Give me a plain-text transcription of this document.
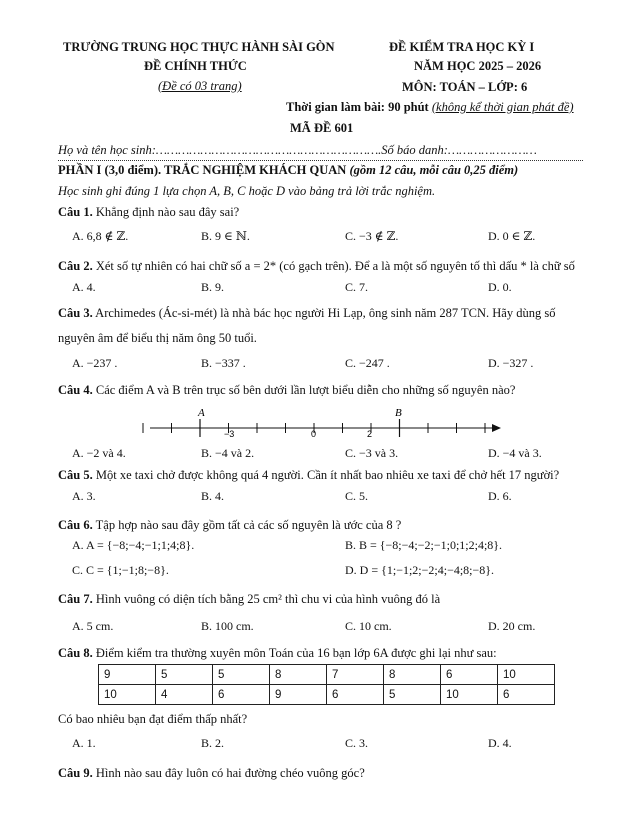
TRƯỜNG TRUNG HỌC THỰC HÀNH SÀI GÒN
ĐỀ CHÍNH THỨC
(Đề có 03 trang)
ĐỀ KIỂM TRA HỌC KỲ I
NĂM HỌC 2025 – 2026
MÔN: TOÁN – LỚP: 6
Thời gian làm bài: 90 phút (không kể thời gian phát đề)
MÃ ĐỀ 601
Họ và tên học sinh:…………………………………………………….Số báo danh:……………………
PHẦN I (3,0 điểm). TRẮC NGHIỆM KHÁCH QUAN (gồm 12 câu, mỗi câu 0,25 điểm)
Học sinh ghi đúng 1 lựa chọn A, B, C hoặc D vào bảng trả lời trắc nghiệm.
Câu 1. Khẳng định nào sau đây sai?
A. 6,8 ∉ ℤ.	B. 9 ∈ ℕ.	C. −3 ∉ ℤ.	D. 0 ∈ ℤ.
Câu 2. Xét số tự nhiên có hai chữ số a = 2* (có gạch trên). Để a là một số nguyên tố thì dấu * là chữ số
A. 4.	B. 9.	C. 7.	D. 0.
Câu 3. Archimedes (Ác-si-mét) là nhà bác học người Hi Lạp, ông sinh năm 287 TCN. Hãy dùng số
nguyên âm để biểu thị năm ông 50 tuổi.
A. −237 .	B. −337 .	C. −247 .	D. −327 .
Câu 4. Các điểm A và B trên trục số bên dưới lần lượt biểu diễn cho những số nguyên nào?
A	B
−3	0	2
A. −2 và 4.	B. −4 và 2.	C. −3 và 3.	D. −4 và 3.
Câu 5. Một xe taxi chở được không quá 4 người. Cần ít nhất bao nhiêu xe taxi để chở hết 17 người?
A. 3.	B. 4.	C. 5.	D. 6.
Câu 6. Tập hợp nào sau đây gồm tất cả các số nguyên là ước của 8 ?
A. A = {−8;−4;−1;1;4;8}.	B. B = {−8;−4;−2;−1;0;1;2;4;8}.
C. C = {1;−1;8;−8}.	D. D = {1;−1;2;−2;4;−4;8;−8}.
Câu 7. Hình vuông có diện tích bằng 25 cm² thì chu vi của hình vuông đó là
A. 5 cm.	B. 100 cm.	C. 10 cm.	D. 20 cm.
Câu 8. Điểm kiểm tra thường xuyên môn Toán của 16 bạn lớp 6A được ghi lại như sau:
9	5	5	8	7	8	6	10
10	4	6	9	6	5	10	6
Có bao nhiêu bạn đạt điểm thấp nhất?
A. 1.	B. 2.	C. 3.	D. 4.
Câu 9. Hình nào sau đây luôn có hai đường chéo vuông góc?
